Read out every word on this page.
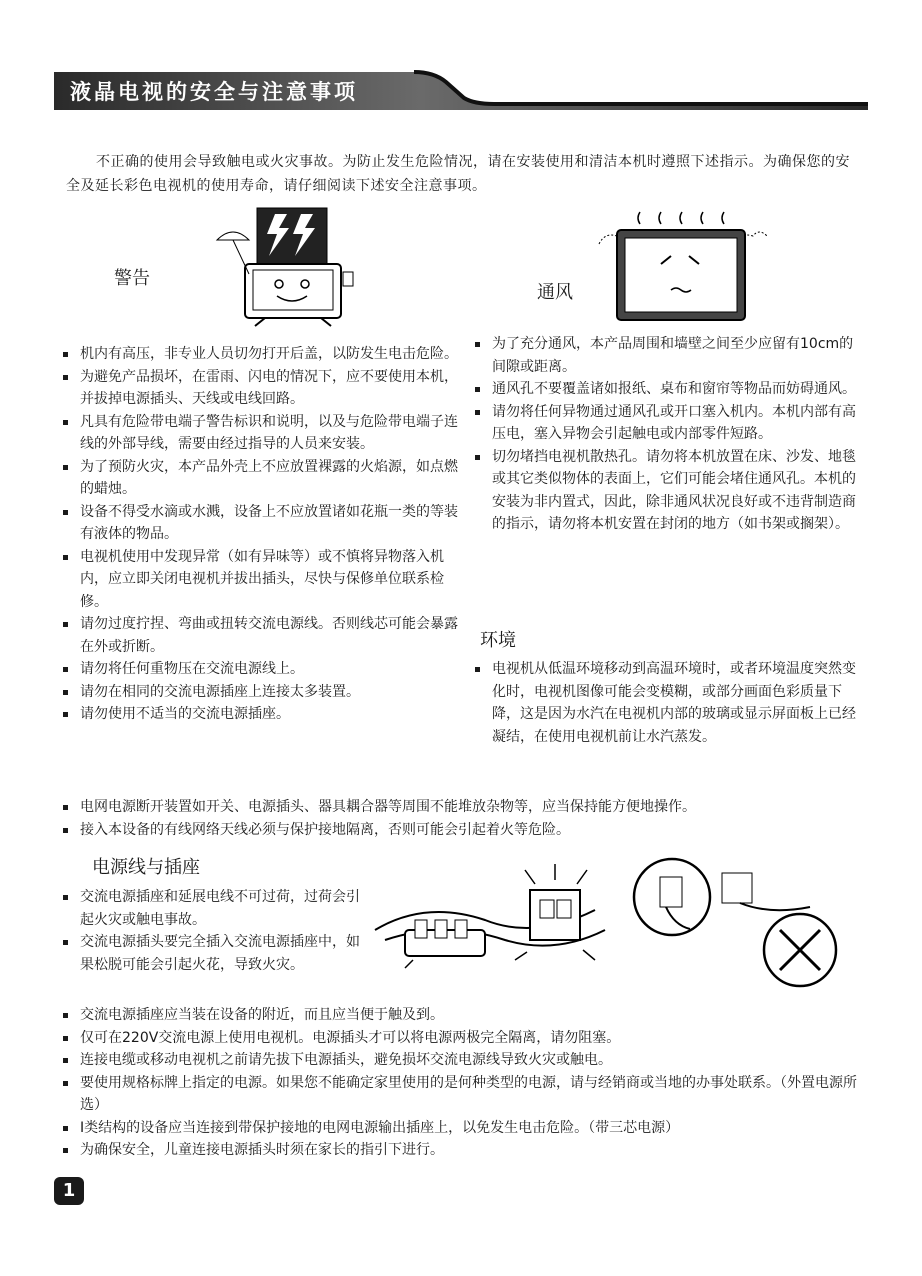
液晶电视的安全与注意事项
不正确的使用会导致触电或火灾事故。为防止发生危险情况，请在安装使用和清洁本机时遵照下述指示。为确保您的安全及延长彩色电视机的使用寿命，请仔细阅读下述安全注意事项。
警告
机内有高压，非专业人员切勿打开后盖，以防发生电击危险。
为避免产品损坏，在雷雨、闪电的情况下，应不要使用本机，并拔掉电源插头、天线或电线回路。
凡具有危险带电端子警告标识和说明，以及与危险带电端子连线的外部导线，需要由经过指导的人员来安装。
为了预防火灾，本产品外壳上不应放置裸露的火焰源，如点燃的蜡烛。
设备不得受水滴或水溅，设备上不应放置诸如花瓶一类的等装有液体的物品。
电视机使用中发现异常（如有异味等）或不慎将异物落入机内，应立即关闭电视机并拔出插头，尽快与保修单位联系检修。
请勿过度拧捏、弯曲或扭转交流电源线。否则线芯可能会暴露在外或折断。
请勿将任何重物压在交流电源线上。
请勿在相同的交流电源插座上连接太多装置。
请勿使用不适当的交流电源插座。
通风
为了充分通风，本产品周围和墙壁之间至少应留有10cm的间隙或距离。
通风孔不要覆盖诸如报纸、桌布和窗帘等物品而妨碍通风。
请勿将任何异物通过通风孔或开口塞入机内。本机内部有高压电，塞入异物会引起触电或内部零件短路。
切勿堵挡电视机散热孔。请勿将本机放置在床、沙发、地毯或其它类似物体的表面上，它们可能会堵住通风孔。本机的安装为非内置式，因此，除非通风状况良好或不违背制造商的指示，请勿将本机安置在封闭的地方（如书架或搁架）。
环境
电视机从低温环境移动到高温环境时，或者环境温度突然变化时，电视机图像可能会变模糊，或部分画面色彩质量下降，这是因为水汽在电视机内部的玻璃或显示屏面板上已经凝结，在使用电视机前让水汽蒸发。
电网电源断开装置如开关、电源插头、器具耦合器等周围不能堆放杂物等，应当保持能方便地操作。
接入本设备的有线网络天线必须与保护接地隔离，否则可能会引起着火等危险。
电源线与插座
交流电源插座和延展电线不可过荷，过荷会引起火灾或触电事故。
交流电源插头要完全插入交流电源插座中，如果松脱可能会引起火花，导致火灾。
交流电源插座应当装在设备的附近，而且应当便于触及到。
仅可在220V交流电源上使用电视机。电源插头才可以将电源两极完全隔离，请勿阻塞。
连接电缆或移动电视机之前请先拔下电源插头，避免损坏交流电源线导致火灾或触电。
要使用规格标牌上指定的电源。如果您不能确定家里使用的是何种类型的电源，请与经销商或当地的办事处联系。（外置电源所选）
Ⅰ类结构的设备应当连接到带保护接地的电网电源输出插座上，以免发生电击危险。（带三芯电源）
为确保安全，儿童连接电源插头时须在家长的指引下进行。
1
